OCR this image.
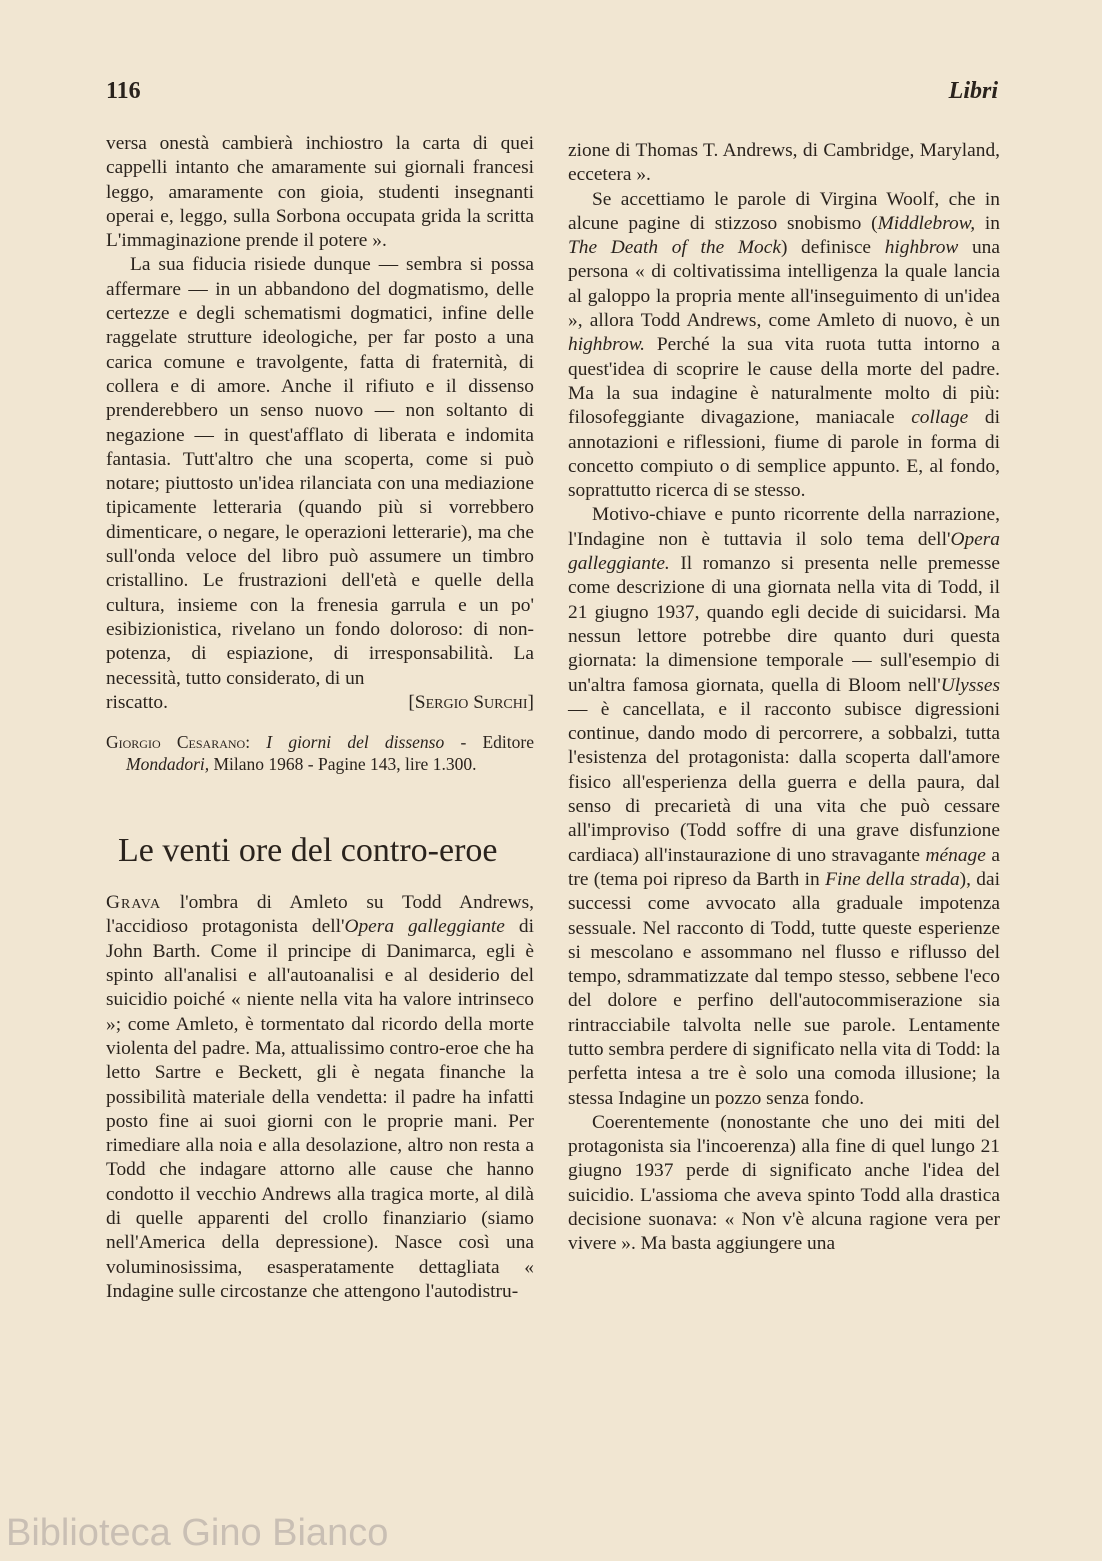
116	Libri

versa onestà cambierà inchiostro la carta di quei cappelli intanto che amaramente sui giornali francesi leggo, amaramente con gioia, studenti insegnanti operai e, leggo, sulla Sorbona occupata grida la scritta L'immaginazione prende il potere ».

La sua fiducia risiede dunque — sembra si possa affermare — in un abbandono del dogmatismo, delle certezze e degli schematismi dogmatici, infine delle raggelate strutture ideologiche, per far posto a una carica comune e travolgente, fatta di fraternità, di collera e di amore. Anche il rifiuto e il dissenso prenderebbero un senso nuovo — non soltanto di negazione — in quest'afflato di liberata e indomita fantasia. Tutt'altro che una scoperta, come si può notare; piuttosto un'idea rilanciata con una mediazione tipicamente letteraria (quando più si vorrebbero dimenticare, o negare, le operazioni letterarie), ma che sull'onda veloce del libro può assumere un timbro cristallino. Le frustrazioni dell'età e quelle della cultura, insieme con la frenesia garrula e un po' esibizionistica, rivelano un fondo doloroso: di non-potenza, di espiazione, di irresponsabilità. La necessità, tutto considerato, di un

riscatto.	[Sergio Surchi]

Giorgio Cesarano: I giorni del dissenso - Editore Mondadori, Milano 1968 - Pagine 143, lire 1.300.

Le venti ore del contro-eroe

Grava l'ombra di Amleto su Todd Andrews, l'accidioso protagonista dell'Opera galleggiante di John Barth. Come il principe di Danimarca, egli è spinto all'analisi e all'autoanalisi e al desiderio del suicidio poiché « niente nella vita ha valore intrinseco »; come Amleto, è tormentato dal ricordo della morte violenta del padre. Ma, attualissimo contro-eroe che ha letto Sartre e Beckett, gli è negata finanche la possibilità materiale della vendetta: il padre ha infatti posto fine ai suoi giorni con le proprie mani. Per rimediare alla noia e alla desolazione, altro non resta a Todd che indagare attorno alle cause che hanno condotto il vecchio Andrews alla tragica morte, al dilà di quelle apparenti del crollo finanziario (siamo nell'America della depressione). Nasce così una voluminosissima, esasperatamente dettagliata « Indagine sulle circostanze che attengono l'autodistru-

zione di Thomas T. Andrews, di Cambridge, Maryland, eccetera ».

Se accettiamo le parole di Virgina Woolf, che in alcune pagine di stizzoso snobismo (Middlebrow, in The Death of the Mock) definisce highbrow una persona « di coltivatissima intelligenza la quale lancia al galoppo la propria mente all'inseguimento di un'idea », allora Todd Andrews, come Amleto di nuovo, è un highbrow. Perché la sua vita ruota tutta intorno a quest'idea di scoprire le cause della morte del padre. Ma la sua indagine è naturalmente molto di più: filosofeggiante divagazione, maniacale collage di annotazioni e riflessioni, fiume di parole in forma di concetto compiuto o di semplice appunto. E, al fondo, soprattutto ricerca di se stesso.

Motivo-chiave e punto ricorrente della narrazione, l'Indagine non è tuttavia il solo tema dell'Opera galleggiante. Il romanzo si presenta nelle premesse come descrizione di una giornata nella vita di Todd, il 21 giugno 1937, quando egli decide di suicidarsi. Ma nessun lettore potrebbe dire quanto duri questa giornata: la dimensione temporale — sull'esempio di un'altra famosa giornata, quella di Bloom nell'Ulysses — è cancellata, e il racconto subisce digressioni continue, dando modo di percorrere, a sobbalzi, tutta l'esistenza del protagonista: dalla scoperta dall'amore fisico all'esperienza della guerra e della paura, dal senso di precarietà di una vita che può cessare all'improviso (Todd soffre di una grave disfunzione cardiaca) all'instaurazione di uno stravagante ménage a tre (tema poi ripreso da Barth in Fine della strada), dai successi come avvocato alla graduale impotenza sessuale. Nel racconto di Todd, tutte queste esperienze si mescolano e assommano nel flusso e riflusso del tempo, sdrammatizzate dal tempo stesso, sebbene l'eco del dolore e perfino dell'autocommiserazione sia rintracciabile talvolta nelle sue parole. Lentamente tutto sembra perdere di significato nella vita di Todd: la perfetta intesa a tre è solo una comoda illusione; la stessa Indagine un pozzo senza fondo.

Coerentemente (nonostante che uno dei miti del protagonista sia l'incoerenza) alla fine di quel lungo 21 giugno 1937 perde di significato anche l'idea del suicidio. L'assioma che aveva spinto Todd alla drastica decisione suonava: « Non v'è alcuna ragione vera per vivere ». Ma basta aggiungere una

Biblioteca Gino Bianco
